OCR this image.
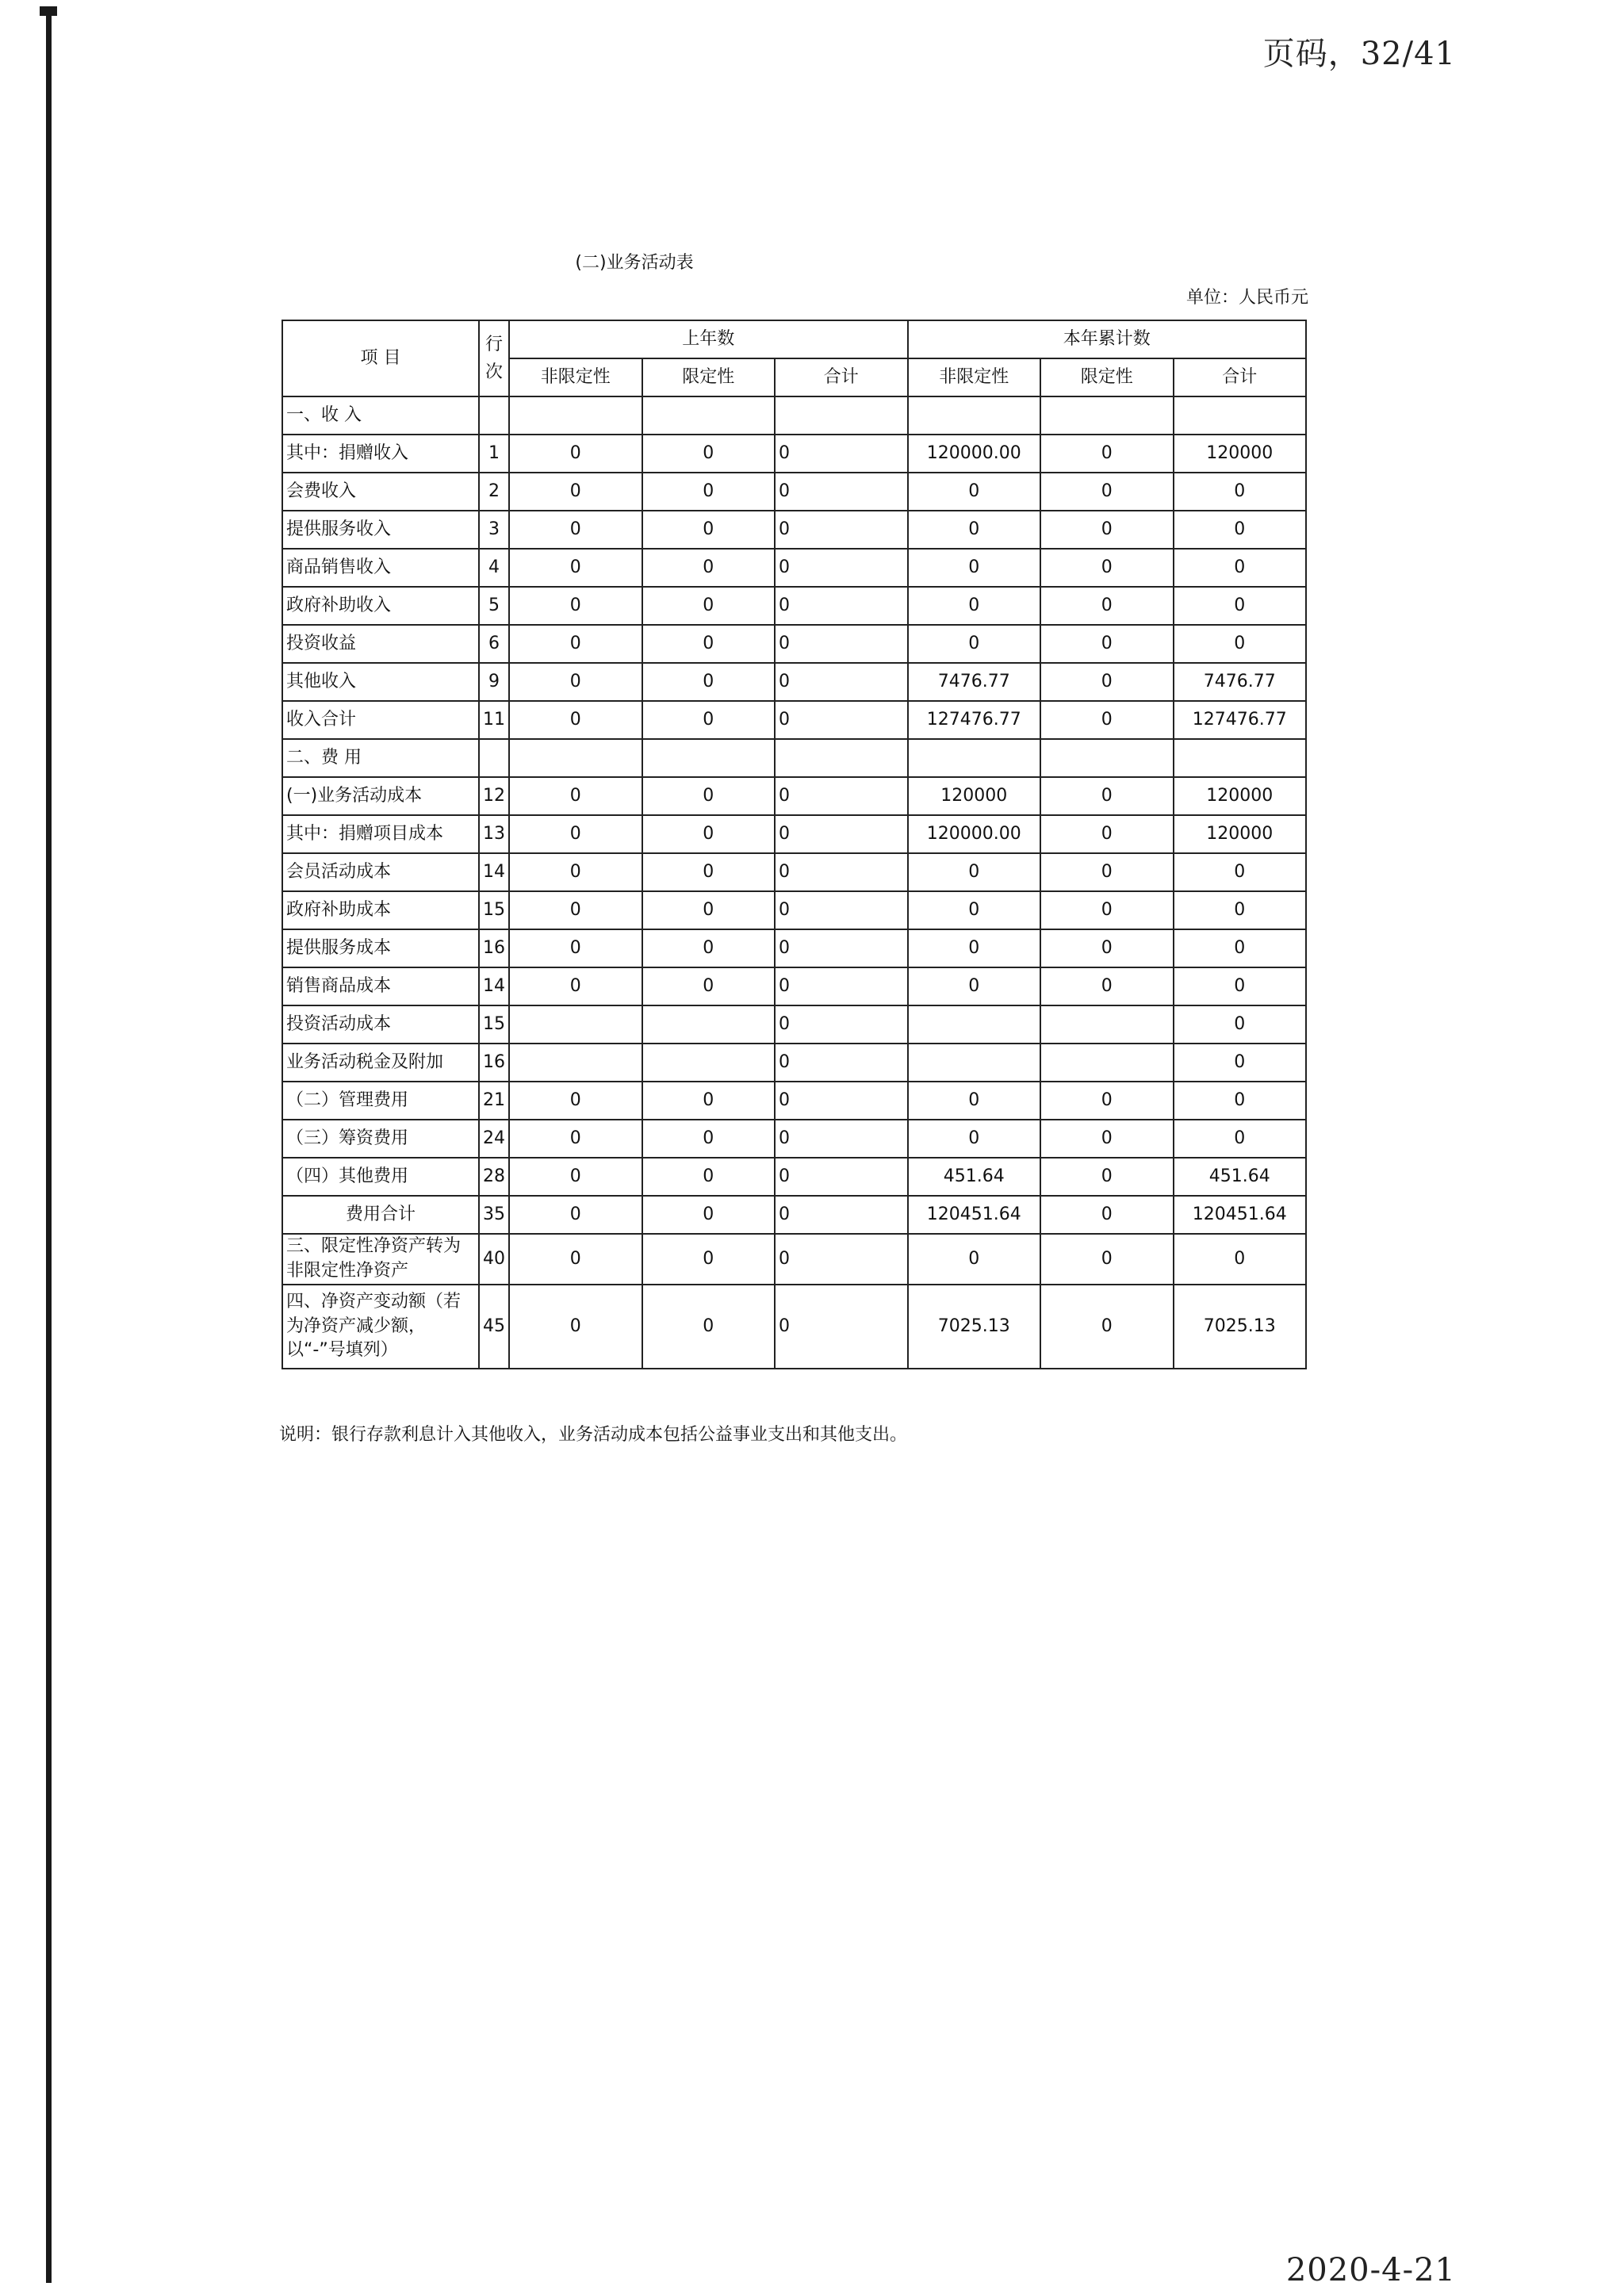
页码，32/41
(二)业务活动表
单位：人民币元
项 目	行次	上年数			本年累计数		
		非限定性	限定性	合计	非限定性	限定性	合计
一、收 入							
其中：捐赠收入	1	0	0	0	120000.00	0	120000
会费收入	2	0	0	0	0	0	0
提供服务收入	3	0	0	0	0	0	0
商品销售收入	4	0	0	0	0	0	0
政府补助收入	5	0	0	0	0	0	0
投资收益	6	0	0	0	0	0	0
其他收入	9	0	0	0	7476.77	0	7476.77
收入合计	11	0	0	0	127476.77	0	127476.77
二、费 用							
(一)业务活动成本	12	0	0	0	120000	0	120000
其中：捐赠项目成本	13	0	0	0	120000.00	0	120000
会员活动成本	14	0	0	0	0	0	0
政府补助成本	15	0	0	0	0	0	0
提供服务成本	16	0	0	0	0	0	0
销售商品成本	14	0	0	0	0	0	0
投资活动成本	15			0			0
业务活动税金及附加	16			0			0
（二）管理费用	21	0	0	0	0	0	0
（三）筹资费用	24	0	0	0	0	0	0
（四）其他费用	28	0	0	0	451.64	0	451.64
费用合计	35	0	0	0	120451.64	0	120451.64
三、限定性净资产转为非限定性净资产	40	0	0	0	0	0	0
四、净资产变动额（若为净资产减少额，以“-”号填列）	45	0	0	0	7025.13	0	7025.13
说明：银行存款利息计入其他收入，业务活动成本包括公益事业支出和其他支出。
2020-4-21
